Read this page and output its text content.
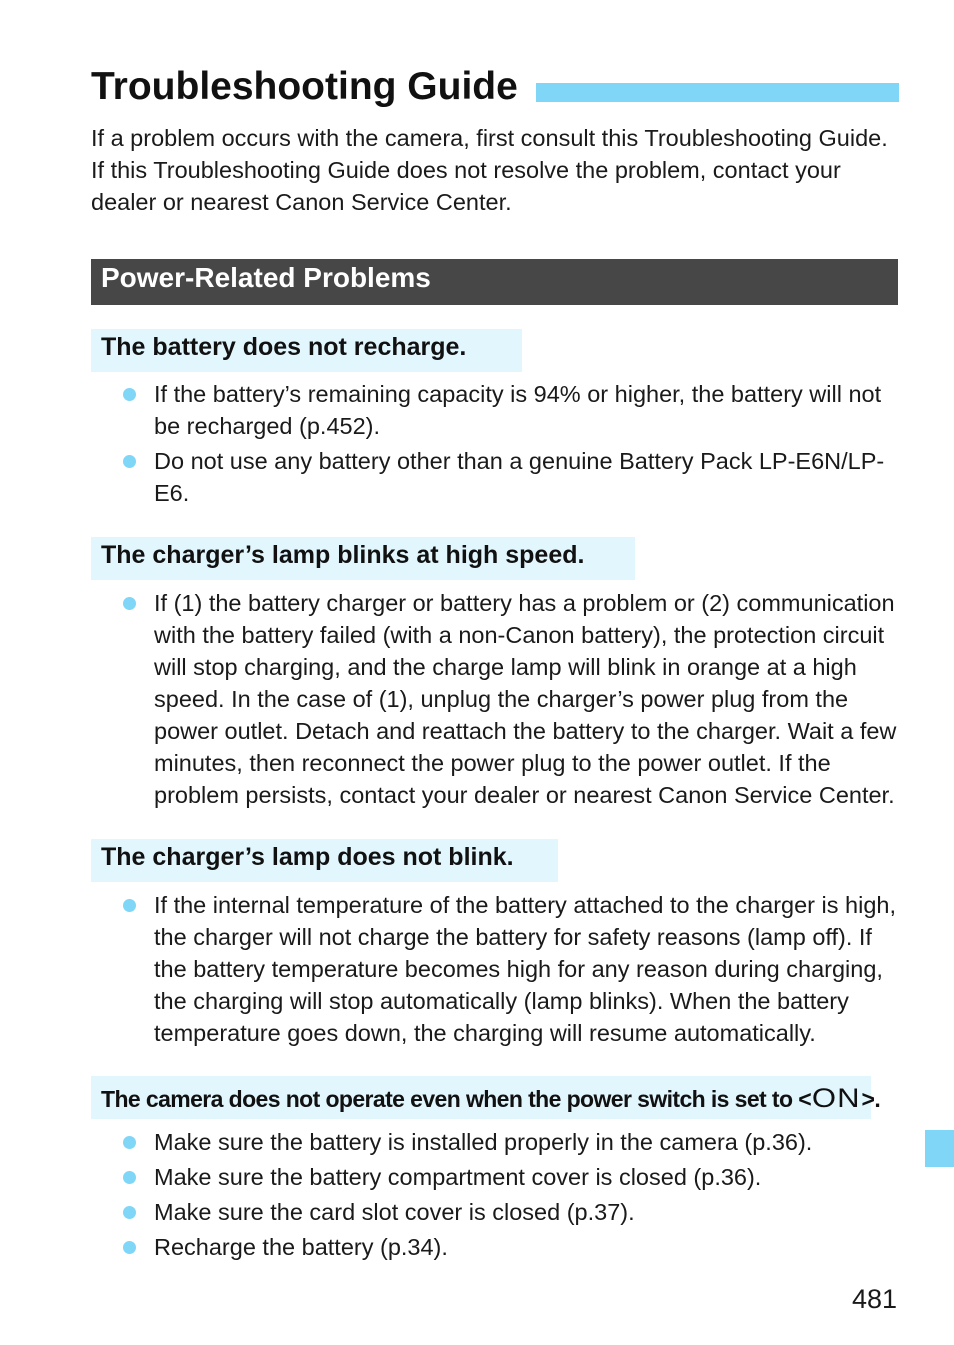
Troubleshooting Guide

If a problem occurs with the camera, first consult this Troubleshooting Guide. If this Troubleshooting Guide does not resolve the problem, contact your dealer or nearest Canon Service Center.

Power-Related Problems
The battery does not recharge.
If the battery’s remaining capacity is 94% or higher, the battery will not be recharged (p.452).
Do not use any battery other than a genuine Battery Pack LP-E6N/LP-E6.
The charger’s lamp blinks at high speed.
If (1) the battery charger or battery has a problem or (2) communication with the battery failed (with a non-Canon battery), the protection circuit will stop charging, and the charge lamp will blink in orange at a high speed. In the case of (1), unplug the charger’s power plug from the power outlet. Detach and reattach the battery to the charger. Wait a few minutes, then reconnect the power plug to the power outlet. If the problem persists, contact your dealer or nearest Canon Service Center.
The charger’s lamp does not blink.
If the internal temperature of the battery attached to the charger is high, the charger will not charge the battery for safety reasons (lamp off). If the battery temperature becomes high for any reason during charging, the charging will stop automatically (lamp blinks). When the battery temperature goes down, the charging will resume automatically.
The camera does not operate even when the power switch is set to <ON>.
Make sure the battery is installed properly in the camera (p.36).
Make sure the battery compartment cover is closed (p.36).
Make sure the card slot cover is closed (p.37).
Recharge the battery (p.34).
481
